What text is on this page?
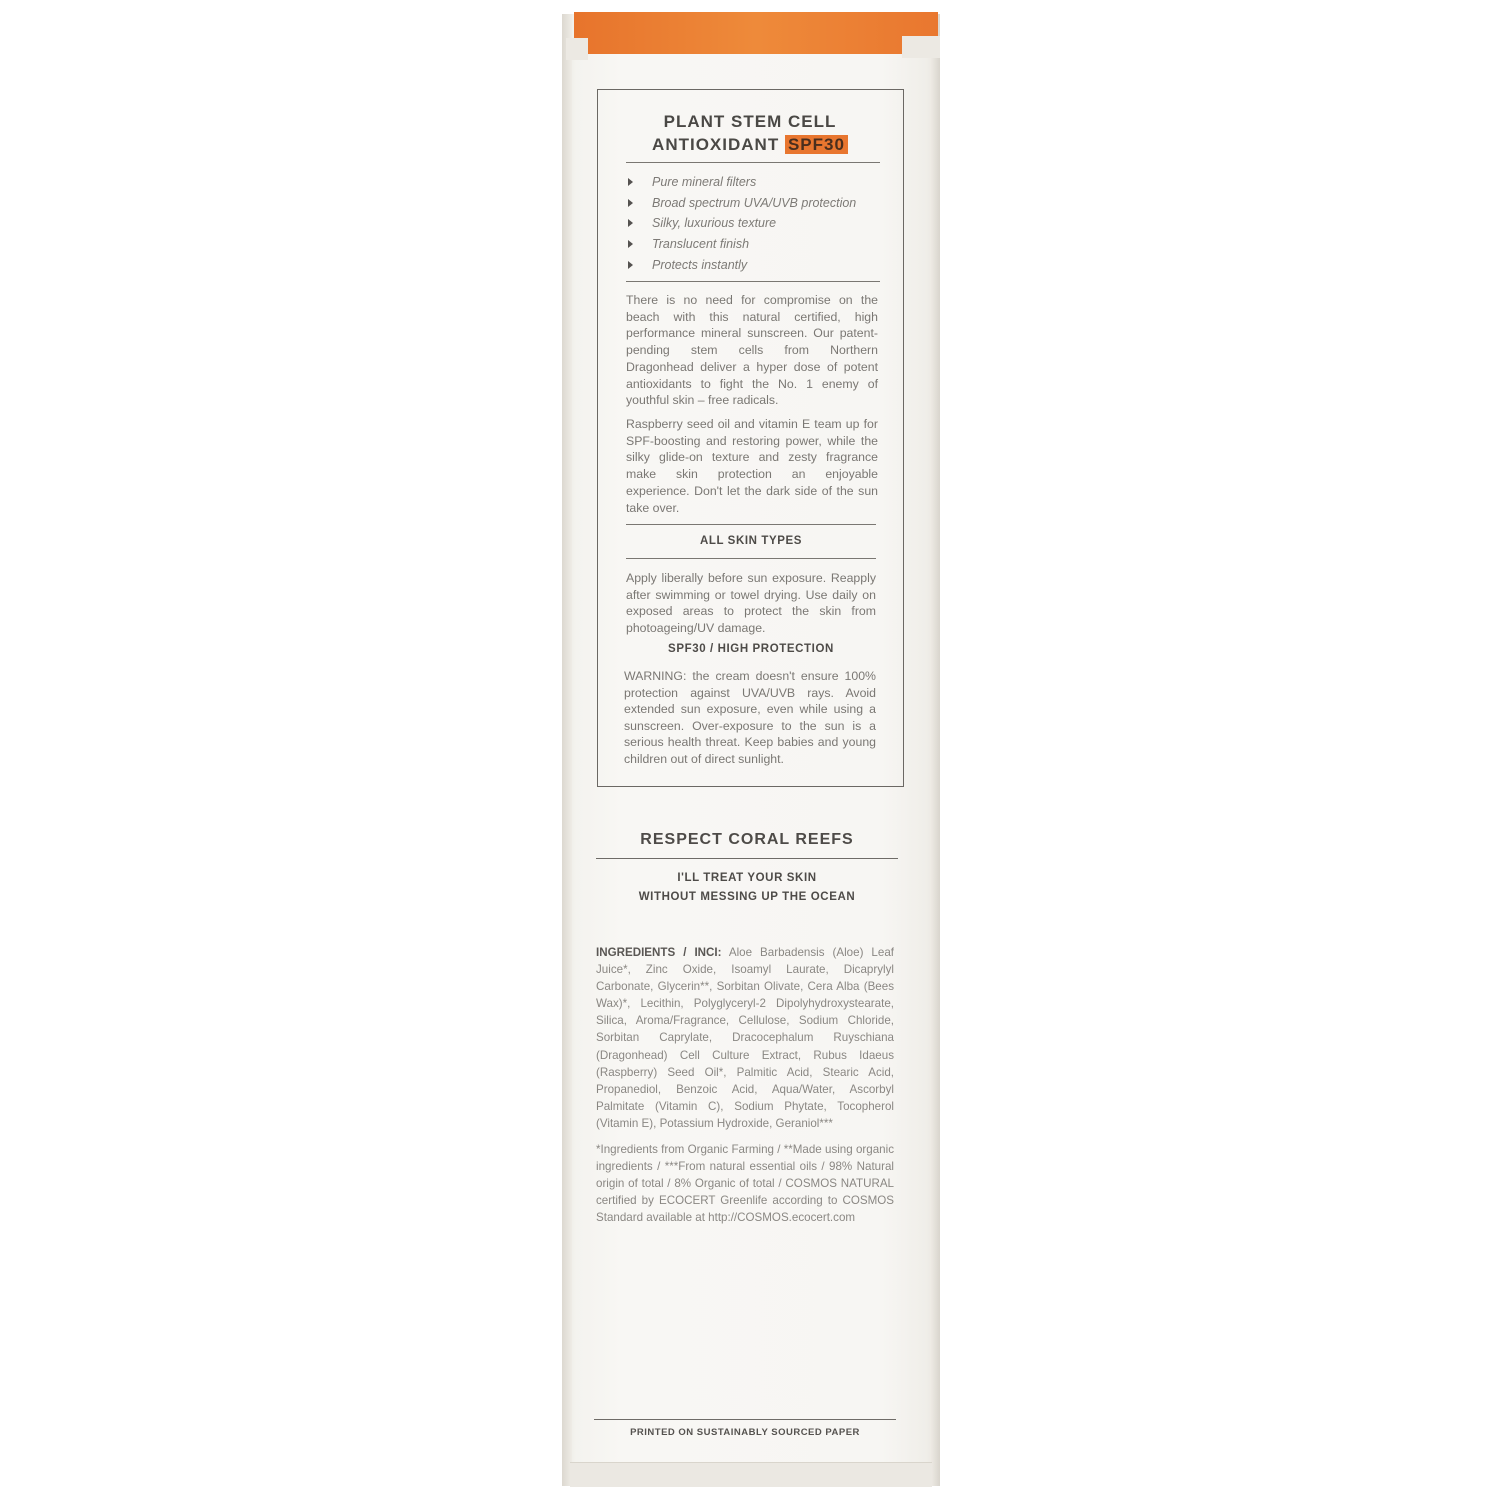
PLANT STEM CELL
ANTIOXIDANT SPF30
Pure mineral filters
Broad spectrum UVA/UVB protection
Silky, luxurious texture
Translucent finish
Protects instantly

There is no need for compromise on the beach with this natural certified, high performance mineral sunscreen. Our patent-pending stem cells from Northern Dragonhead deliver a hyper dose of potent antioxidants to fight the No. 1 enemy of youthful skin – free radicals.

Raspberry seed oil and vitamin E team up for SPF-boosting and restoring power, while the silky glide-on texture and zesty fragrance make skin protection an enjoyable experience. Don't let the dark side of the sun take over.

ALL SKIN TYPES

Apply liberally before sun exposure. Reapply after swimming or towel drying. Use daily on exposed areas to protect the skin from photoageing/UV damage.

SPF30 / HIGH PROTECTION

WARNING: the cream doesn't ensure 100% protection against UVA/UVB rays. Avoid extended sun exposure, even while using a sunscreen. Over-exposure to the sun is a serious health threat. Keep babies and young children out of direct sunlight.

RESPECT CORAL REEFS
I'LL TREAT YOUR SKIN
WITHOUT MESSING UP THE OCEAN

INGREDIENTS / INCI: Aloe Barbadensis (Aloe) Leaf Juice*, Zinc Oxide, Isoamyl Laurate, Dicaprylyl Carbonate, Glycerin**, Sorbitan Olivate, Cera Alba (Bees Wax)*, Lecithin, Polyglyceryl-2 Dipolyhydroxystearate, Silica, Aroma/Fragrance, Cellulose, Sodium Chloride, Sorbitan Caprylate, Dracocephalum Ruyschiana (Dragonhead) Cell Culture Extract, Rubus Idaeus (Raspberry) Seed Oil*, Palmitic Acid, Stearic Acid, Propanediol, Benzoic Acid, Aqua/Water, Ascorbyl Palmitate (Vitamin C), Sodium Phytate, Tocopherol (Vitamin E), Potassium Hydroxide, Geraniol***

*Ingredients from Organic Farming / **Made using organic ingredients / ***From natural essential oils / 98% Natural origin of total / 8% Organic of total / COSMOS NATURAL certified by ECOCERT Greenlife according to COSMOS Standard available at http://COSMOS.ecocert.com

PRINTED ON SUSTAINABLY SOURCED PAPER
